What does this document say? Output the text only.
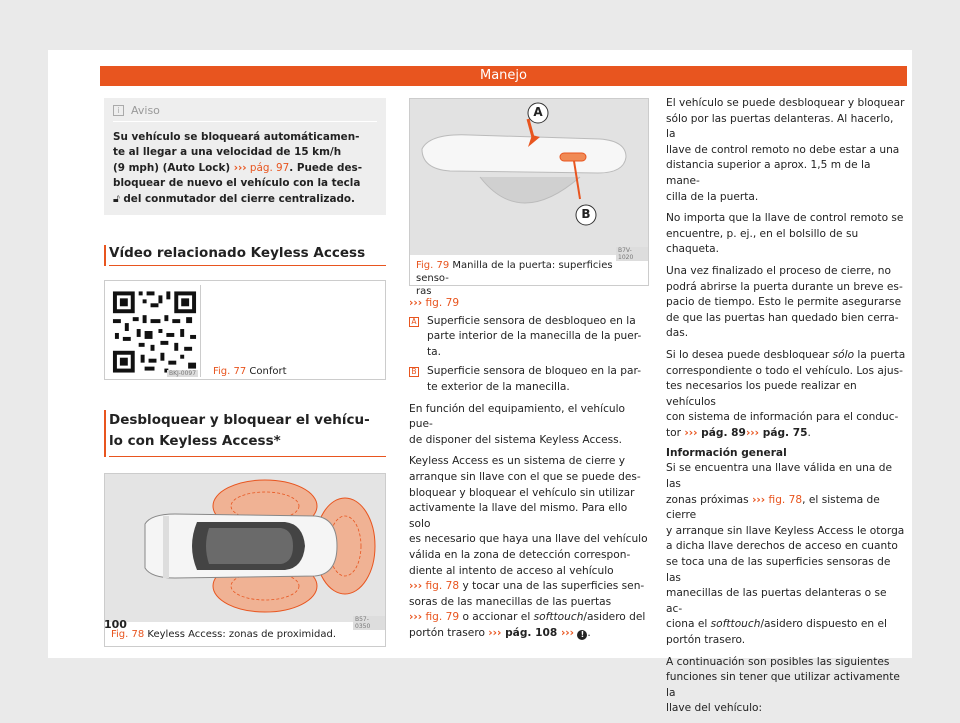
Manejo
i	Aviso
Su vehículo se bloqueará automáticamen-
te al llegar a una velocidad de 15 km/h
(9 mph) (Auto Lock) ››› pág. 97. Puede des-
bloquear de nuevo el vehículo con la tecla
🔓︎ del conmutador del cierre centralizado.
Vídeo relacionado Keyless Access
BKJ-0097 Fig. 77 Confort
Desbloquear y bloquear el vehícu-
lo con Keyless Access*
B57-0350
Fig. 78 Keyless Access: zonas de proximidad.
100
A
B
B7V-1020
Fig. 79 Manilla de la puerta: superficies senso-
ras

››› fig. 79

A Superficie sensora de desbloqueo en la
parte interior de la manecilla de la puer-
ta.
B Superficie sensora de bloqueo en la par-
te exterior de la manecilla.

En función del equipamiento, el vehículo pue-
de disponer del sistema Keyless Access.

Keyless Access es un sistema de cierre y
arranque sin llave con el que se puede des-
bloquear y bloquear el vehículo sin utilizar
activamente la llave del mismo. Para ello solo
es necesario que haya una llave del vehículo
válida en la zona de detección correspon-
diente al intento de acceso al vehículo
››› fig. 78 y tocar una de las superficies sen-
soras de las manecillas de las puertas
››› fig. 79 o accionar el softtouch/asidero del
portón trasero ››› pág. 108 ››› ! .

El vehículo se puede desbloquear y bloquear
sólo por las puertas delanteras. Al hacerlo, la
llave de control remoto no debe estar a una
distancia superior a aprox. 1,5 m de la mane-
cilla de la puerta.

No importa que la llave de control remoto se
encuentre, p. ej., en el bolsillo de su chaqueta.

Una vez finalizado el proceso de cierre, no
podrá abrirse la puerta durante un breve es-
pacio de tiempo. Esto le permite asegurarse
de que las puertas han quedado bien cerra-
das.

Si lo desea puede desbloquear sólo la puerta
correspondiente o todo el vehículo. Los ajus-
tes necesarios los puede realizar en vehículos
con sistema de información para el conduc-
tor ››› pág. 89››› pág. 75.

Información general

Si se encuentra una llave válida en una de las
zonas próximas ››› fig. 78, el sistema de cierre
y arranque sin llave Keyless Access le otorga
a dicha llave derechos de acceso en cuanto
se toca una de las superficies sensoras de las
manecillas de las puertas delanteras o se ac-
ciona el softtouch/asidero dispuesto en el
portón trasero.

A continuación son posibles las siguientes
funciones sin tener que utilizar activamente la
llave del vehículo:
